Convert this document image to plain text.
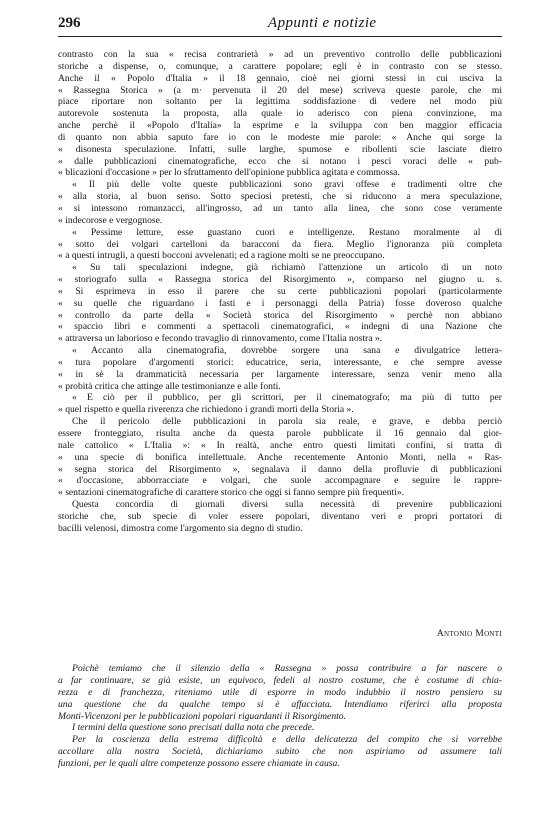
296	Appunti e notizie
contrasto con la sua « recisa contrarietà » ad un preventivo controllo delle pubblicazioni
storiche a dispense, o, comunque, a carattere popolare; egli è in contrasto con se stesso.
Anche il « Popolo d'Italia » il 18 gennaio, cioè nei giorni stessi in cui usciva la
« Rassegna Storica » (a m· pervenuta il 20 del mese) scriveva queste parole, che mi
piace riportare non soltanto per la legittima soddisfazione di vedere nel modo più
autorevole sostenuta la proposta, alla quale io aderisco con piena convinzione, ma
anche perchè il «Popolo d'Italia» la esprime e la sviluppa con ben maggior efficacia
di quanto non abbia saputo fare io con le modeste mie parole: « Anche qui sorge la
« disonesta speculazione. Infatti, sulle larghe, spumose e ribollenti scie lasciate dietro
« dalle pubblicazioni cinematografiche, ecco che si notano i pesci voraci delle « pub-
« blicazioni d'occasione » per lo sfruttamento dell'opinione pubblica agitata e commossa.
« Il più delle volte queste pubblicazioni sono gravi offese e tradimenti oltre che
« alla storia, al buon senso. Sotto speciosi pretesti, che si riducono a mera speculazione,
« si intessono romanzacci, all'ingrosso, ad un tanto alla linea, che sono cose veramente
« indecorose e vergognose.
« Pessime letture, esse guastano cuori e intelligenze. Restano moralmente al di
« sotto dei volgari cartelloni da baracconi da fiera. Meglio l'ignoranza più completa
« a questi intrugli, a questi bocconi avvelenati; ed a ragione molti se ne preoccupano.
« Su tali speculazioni indegne, già richiamò l'attenzione un articolo di un noto
« storiografo sulla « Rassegna storica del Risorgimento », comparso nel giugno u. s.
« Si esprimeva in esso il parere che su certe pubblicazioni popolari (particolarmente
« su quelle che riguardano i fasti e i personaggi della Patria) fosse doveroso qualche
« controllo da parte della « Società storica del Risorgimento » perchè non abbiano
« spaccio libri e commenti a spettacoli cinematografici, « indegni di una Nazione che
« attraversa un laborioso e fecondo travaglio di rinnovamento, come l'Italia nostra ».
« Accanto alla cinematografia, dovrebbe sorgere una sana e divulgatrice lettera-
« tura popolare d'argomenti storici: educatrice, seria, interessante, e che sempre avesse
« in sè la drammaticità necessaria per largamente interessare, senza venir meno alla
« probità critica che attinge alle testimonianze e alle fonti.
« E ciò per il pubblico, per gli scrittori, per il cinematografo; ma più di tutto per
« quel rispetto e quella riverenza che richiedono i grandi morti della Storia ».
Che il pericolo delle pubblicazioni in parola sia reale, e grave, e debba perciò
essere fronteggiato, risulta anche da questa parole pubblicate il 16 gennaio dal gior-
nale cattolico « L'Italia »: « In realtà, anche entro questi limitati confini, si tratta di
« una specie di bonifica intellettuale. Anche recentemente Antonio Monti, nella « Ras-
« segna storica del Risorgimento », segnalava il danno della profluvie di pubblicazioni
« d'occasione, abborracciate e volgari, che suole accompagnare e seguire le rappre-
« sentazioni cinematografiche di carattere storico che oggi si fanno sempre più frequenti».
Questa concordia di giornali diversi sulla necessità di prevenire pubblicazioni
storiche che, sub specie di voler essere popolari, diventano veri e propri portatori di
bacilli velenosi, dimostra come l'argomento sia degno di studio.
Antonio Monti
Poichè temiamo che il silenzio della « Rassegna » possa contribuire a far nascere o
a far continuare, se già esiste, un equivoco, fedeli al nostro costume, che è costume di chia-
rezza e di franchezza, riteniamo utile di esporre in modo indubbio il nostro pensiero su
una questione che da qualche tempo si è affacciata. Intendiamo riferirci alla proposta
Monti-Vicenzoni per le pubblicazioni popolari riguardanti il Risorgimento.
I termini della questione sono precisati dalla nota che precede.
Per la coscienza della estrema difficoltà e della delicatezza del compito che si vorrebbe
accollare alla nostra Società, dichiariamo subito che non aspiriamo ad assumere tali
funzioni, per le quali altre competenze possono essere chiamate in causa.
